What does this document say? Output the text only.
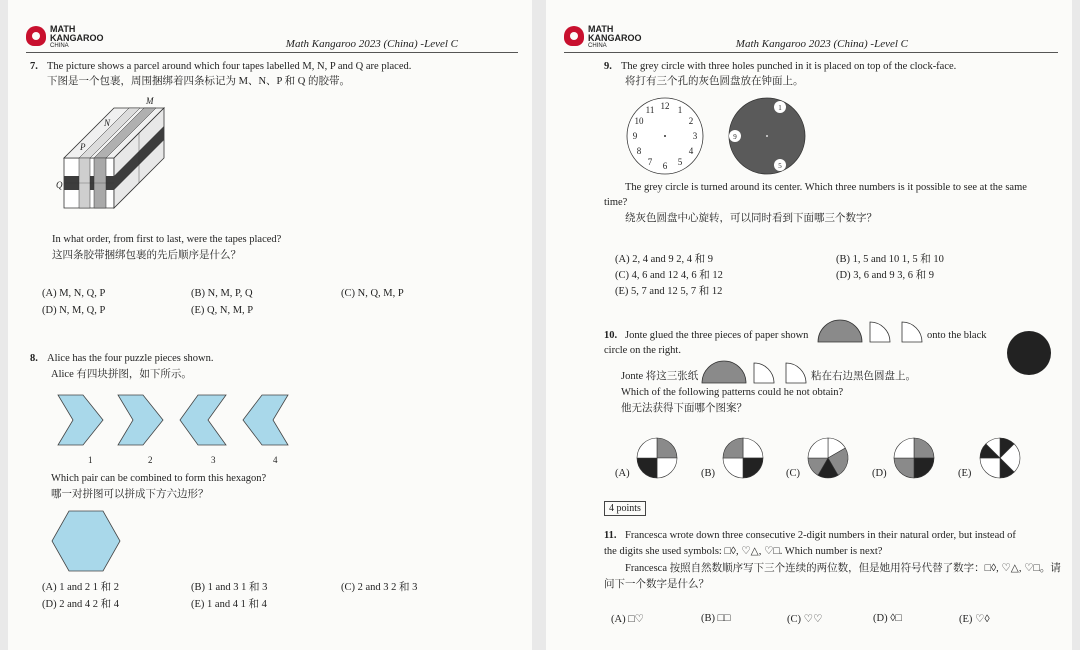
MATH
KANGAROO
CHINA	Math Kangaroo 2023 (China) -Level C
7. The picture shows a parcel around which four tapes labelled M, N, P and Q are placed.
下图是一个包裹，周围捆绑着四条标记为 M、N、P 和 Q 的胶带。
M
N
P
Q
In what order, from first to last, were the tapes placed?
这四条胶带捆绑包裹的先后顺序是什么？
(A) M, N, Q, P	(B) N, M, P, Q	(C) N, Q, M, P
(D) N, M, Q, P	(E) Q, N, M, P
8. Alice has the four puzzle pieces shown.
Alice 有四块拼图，如下所示。
1	2	3	4
Which pair can be combined to form this hexagon?
哪一对拼图可以拼成下方六边形？
(A) 1 and 2 1 和 2	(B) 1 and 3 1 和 3	(C) 2 and 3 2 和 3
(D) 2 and 4 2 和 4	(E) 1 and 4 1 和 4
MATH
KANGAROO
CHINA	Math Kangaroo 2023 (China) -Level C
9. The grey circle with three holes punched in it is placed on top of the clock-face.
将打有三个孔的灰色圆盘放在钟面上。
12 1
2
3
4
5
6
7
8
9
10
11	1
5
9
The grey circle is turned around its center. Which three numbers is it possible to see at the same
time?
绕灰色圆盘中心旋转，可以同时看到下面哪三个数字？
(A) 2, 4 and 9 2, 4 和 9	(B) 1, 5 and 10 1, 5 和 10
(C) 4, 6 and 12 4, 6 和 12	(D) 3, 6 and 9 3, 6 和 9
(E) 5, 7 and 12 5, 7 和 12
10. Jonte glued the three pieces of paper shown	onto the black
circle on the right.
Jonte 将这三张纸	粘在右边黑色圆盘上。
Which of the following patterns could he not obtain?
他无法获得下面哪个图案？
(A)	(B)	(C)	(D)	(E)
4 points
11. Francesca wrote down three consecutive 2-digit numbers in their natural order, but instead of
the digits she used symbols: □◊, ♡△, ♡□. Which number is next?
Francesca 按照自然数顺序写下三个连续的两位数，但是她用符号代替了数字：□◊, ♡△, ♡□。请
问下一个数字是什么？
(A) □♡	(B) □□	(C) ♡♡	(D) ◊□	(E) ♡◊
